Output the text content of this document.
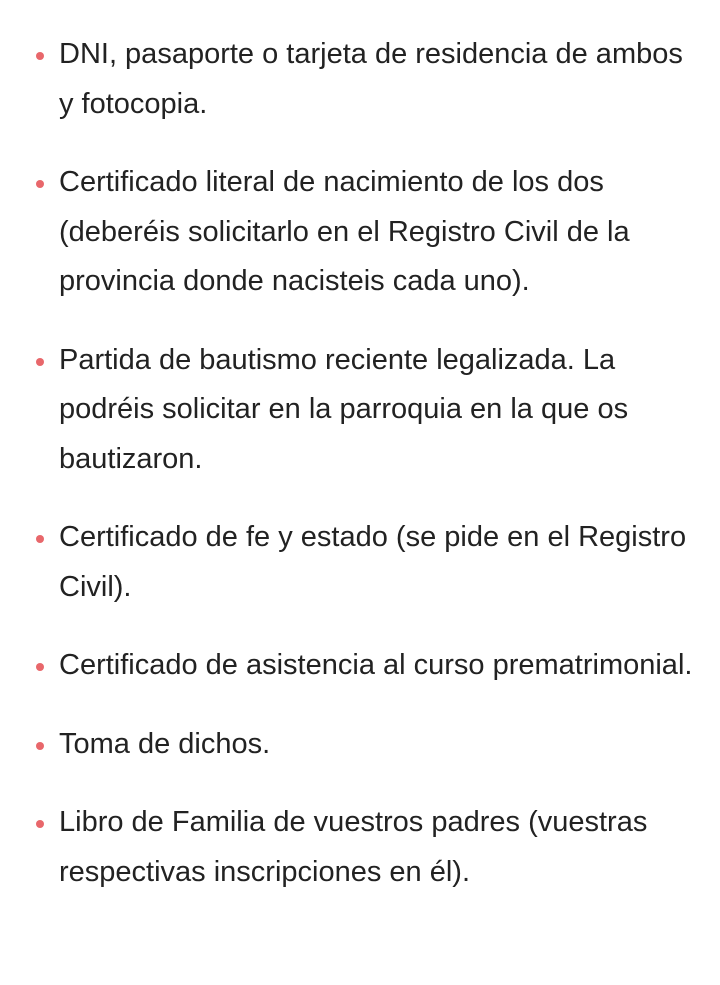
DNI, pasaporte o tarjeta de residencia de ambos y fotocopia.
Certificado literal de nacimiento de los dos (deberéis solicitarlo en el Registro Civil de la provincia donde nacisteis cada uno).
Partida de bautismo reciente legalizada. La podréis solicitar en la parroquia en la que os bautizaron.
Certificado de fe y estado (se pide en el Registro Civil).
Certificado de asistencia al curso prematrimonial.
Toma de dichos.
Libro de Familia de vuestros padres (vuestras respectivas inscripciones en él).
